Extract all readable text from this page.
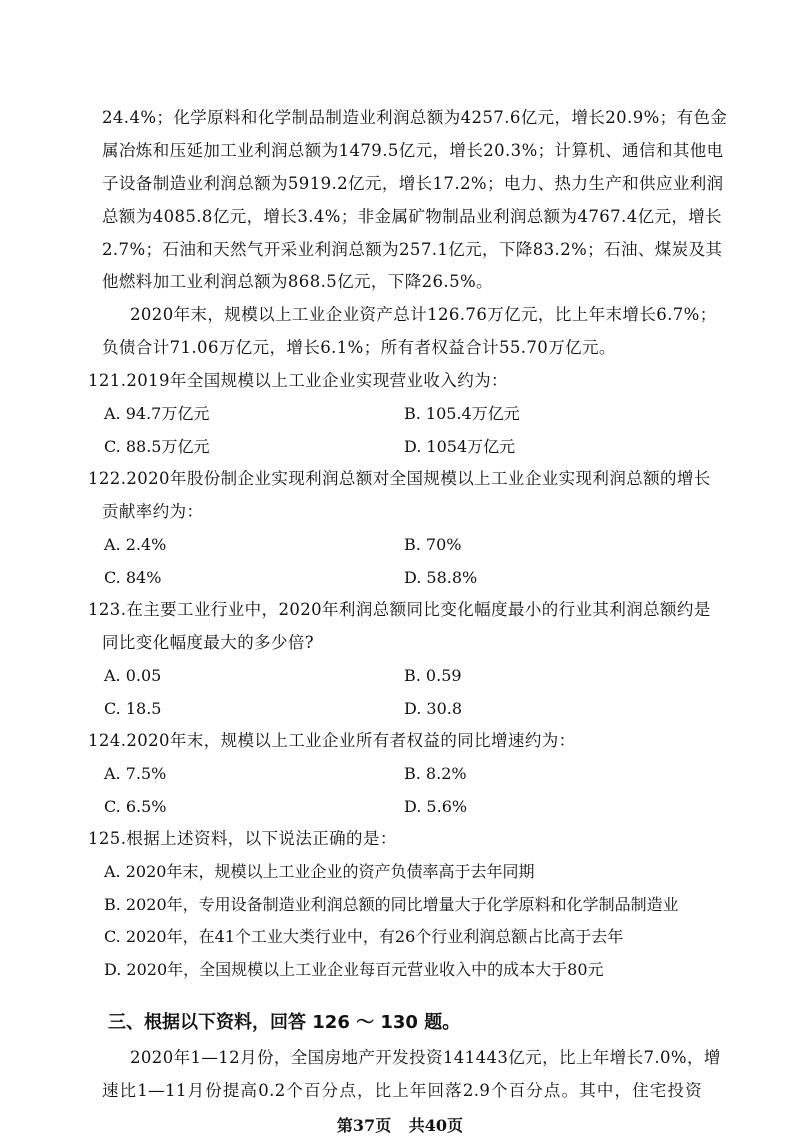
24.4%；化学原料和化学制品制造业利润总额为4257.6亿元，增长20.9%；有色金
属冶炼和压延加工业利润总额为1479.5亿元，增长20.3%；计算机、通信和其他电
子设备制造业利润总额为5919.2亿元，增长17.2%；电力、热力生产和供应业利润
总额为4085.8亿元，增长3.4%；非金属矿物制品业利润总额为4767.4亿元，增长
2.7%；石油和天然气开采业利润总额为257.1亿元，下降83.2%；石油、煤炭及其
他燃料加工业利润总额为868.5亿元，下降26.5%。
2020年末，规模以上工业企业资产总计126.76万亿元，比上年末增长6.7%；
负债合计71.06万亿元，增长6.1%；所有者权益合计55.70万亿元。
121.2019年全国规模以上工业企业实现营业收入约为：
A. 94.7万亿元	B. 105.4万亿元
C. 88.5万亿元	D. 1054万亿元
122.2020年股份制企业实现利润总额对全国规模以上工业企业实现利润总额的增长
贡献率约为：
A. 2.4%	B. 70%
C. 84%	D. 58.8%
123.在主要工业行业中，2020年利润总额同比变化幅度最小的行业其利润总额约是
同比变化幅度最大的多少倍?
A. 0.05	B. 0.59
C. 18.5	D. 30.8
124.2020年末，规模以上工业企业所有者权益的同比增速约为：
A. 7.5%	B. 8.2%
C. 6.5%	D. 5.6%
125.根据上述资料，以下说法正确的是：
A. 2020年末，规模以上工业企业的资产负债率高于去年同期
B. 2020年，专用设备制造业利润总额的同比增量大于化学原料和化学制品制造业
C. 2020年，在41个工业大类行业中，有26个行业利润总额占比高于去年
D. 2020年，全国规模以上工业企业每百元营业收入中的成本大于80元
三、根据以下资料，回答 126 ～ 130 题。
2020年1—12月份，全国房地产开发投资141443亿元，比上年增长7.0%，增
速比1—11月份提高0.2个百分点，比上年回落2.9个百分点。其中，住宅投资
第37页 共40页
